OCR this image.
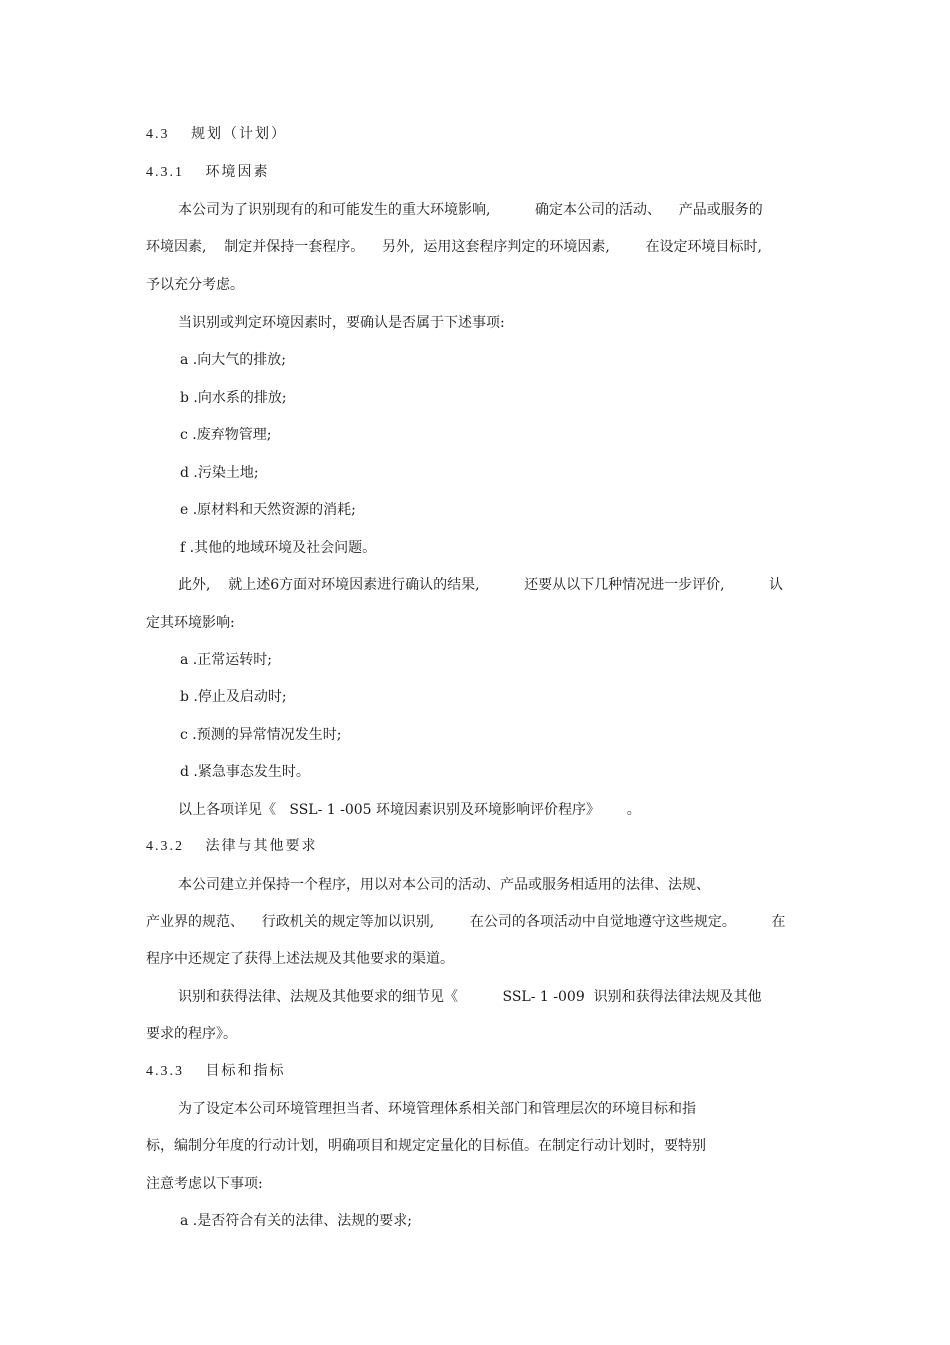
4.3　 规划（计划）
4.3.1　 环境因素
本公司为了识别现有的和可能发生的重大环境影响,          确定本公司的活动、    产品或服务的
环境因素,    制定并保持一套程序。    另外,  运用这套程序判定的环境因素,        在设定环境目标时,
予以充分考虑。
当识别或判定环境因素时，要确认是否属于下述事项:
a .向大气的排放;
b .向水系的排放;
c .废弃物管理;
d .污染土地;
e .原材料和天然资源的消耗;
f .其他的地域环境及社会问题。
此外,    就上述6方面对环境因素进行确认的结果,          还要从以下几种情况进一步评价,          认
定其环境影响:
a .正常运转时;
b .停止及启动时;
c .预测的异常情况发生时;
d .紧急事态发生时。
以上各项详见《   SSL- 1 -005 环境因素识别及环境影响评价程序》      。
4.3.2　 法律与其他要求
本公司建立并保持一个程序，用以对本公司的活动、产品或服务相适用的法律、法规、
产业界的规范、    行政机关的规定等加以识别,        在公司的各项活动中自觉地遵守这些规定。        在
程序中还规定了获得上述法规及其他要求的渠道。
识别和获得法律、法规及其他要求的细节见《          SSL- 1 -009  识别和获得法律法规及其他
要求的程序》。
4.3.3　 目标和指标
为了设定本公司环境管理担当者、环境管理体系相关部门和管理层次的环境目标和指
标，编制分年度的行动计划，明确项目和规定定量化的目标值。在制定行动计划时，要特别
注意考虑以下事项:
a .是否符合有关的法律、法规的要求;
